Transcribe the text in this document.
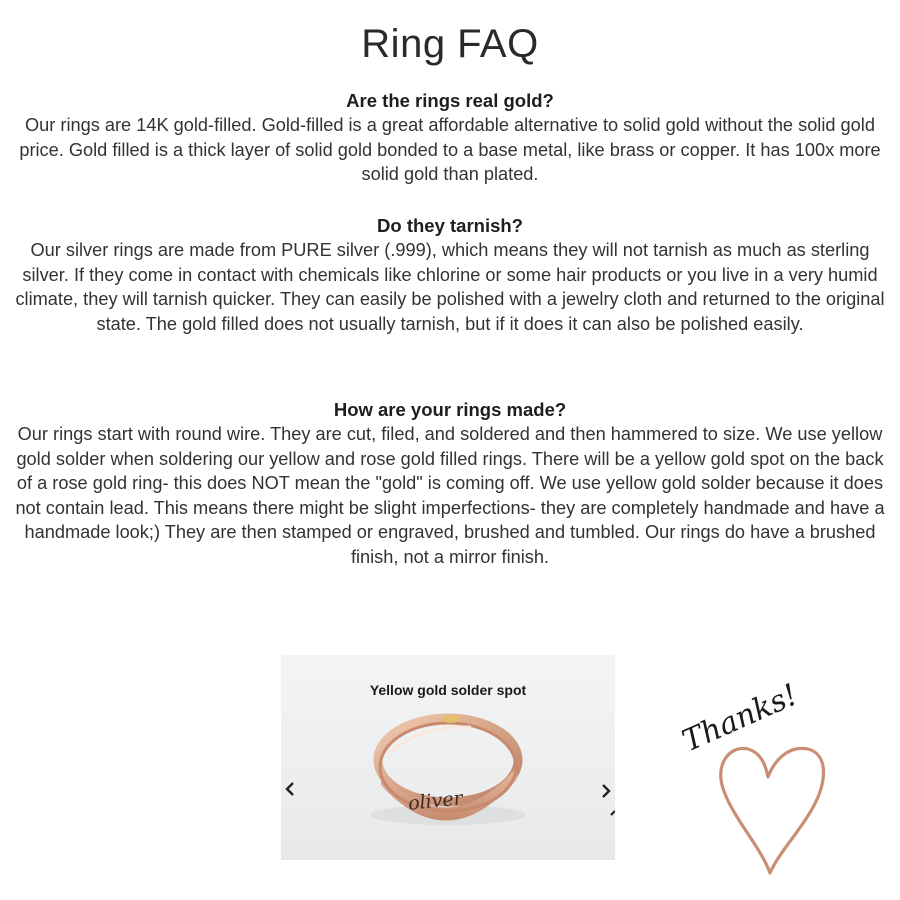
Ring FAQ
Are the rings real gold?

Our rings are 14K gold-filled. Gold-filled is a great affordable alternative to solid gold without the solid gold price. Gold filled is a thick layer of solid gold bonded to a base metal, like brass or copper. It has 100x more solid gold than plated.

Do they tarnish?

Our silver rings are made from PURE silver (.999), which means they will not tarnish as much as sterling silver. If they come in contact with chemicals like chlorine or some hair products or you live in a very humid climate, they will tarnish quicker. They can easily be polished with a jewelry cloth and returned to the original state. The gold filled does not usually tarnish, but if it does it can also be polished easily.

How are your rings made?

Our rings start with round wire. They are cut, filed, and soldered and then hammered to size. We use yellow gold solder when soldering our yellow and rose gold filled rings. There will be a yellow gold spot on the back of a rose gold ring- this does NOT mean the "gold" is coming off. We use yellow gold solder because it does not contain lead. This means there might be slight imperfections- they are completely handmade and have a handmade look;) They are then stamped or engraved, brushed and tumbled. Our rings do have a brushed finish, not a mirror finish.

oliver
Yellow gold solder spot	Thanks!
